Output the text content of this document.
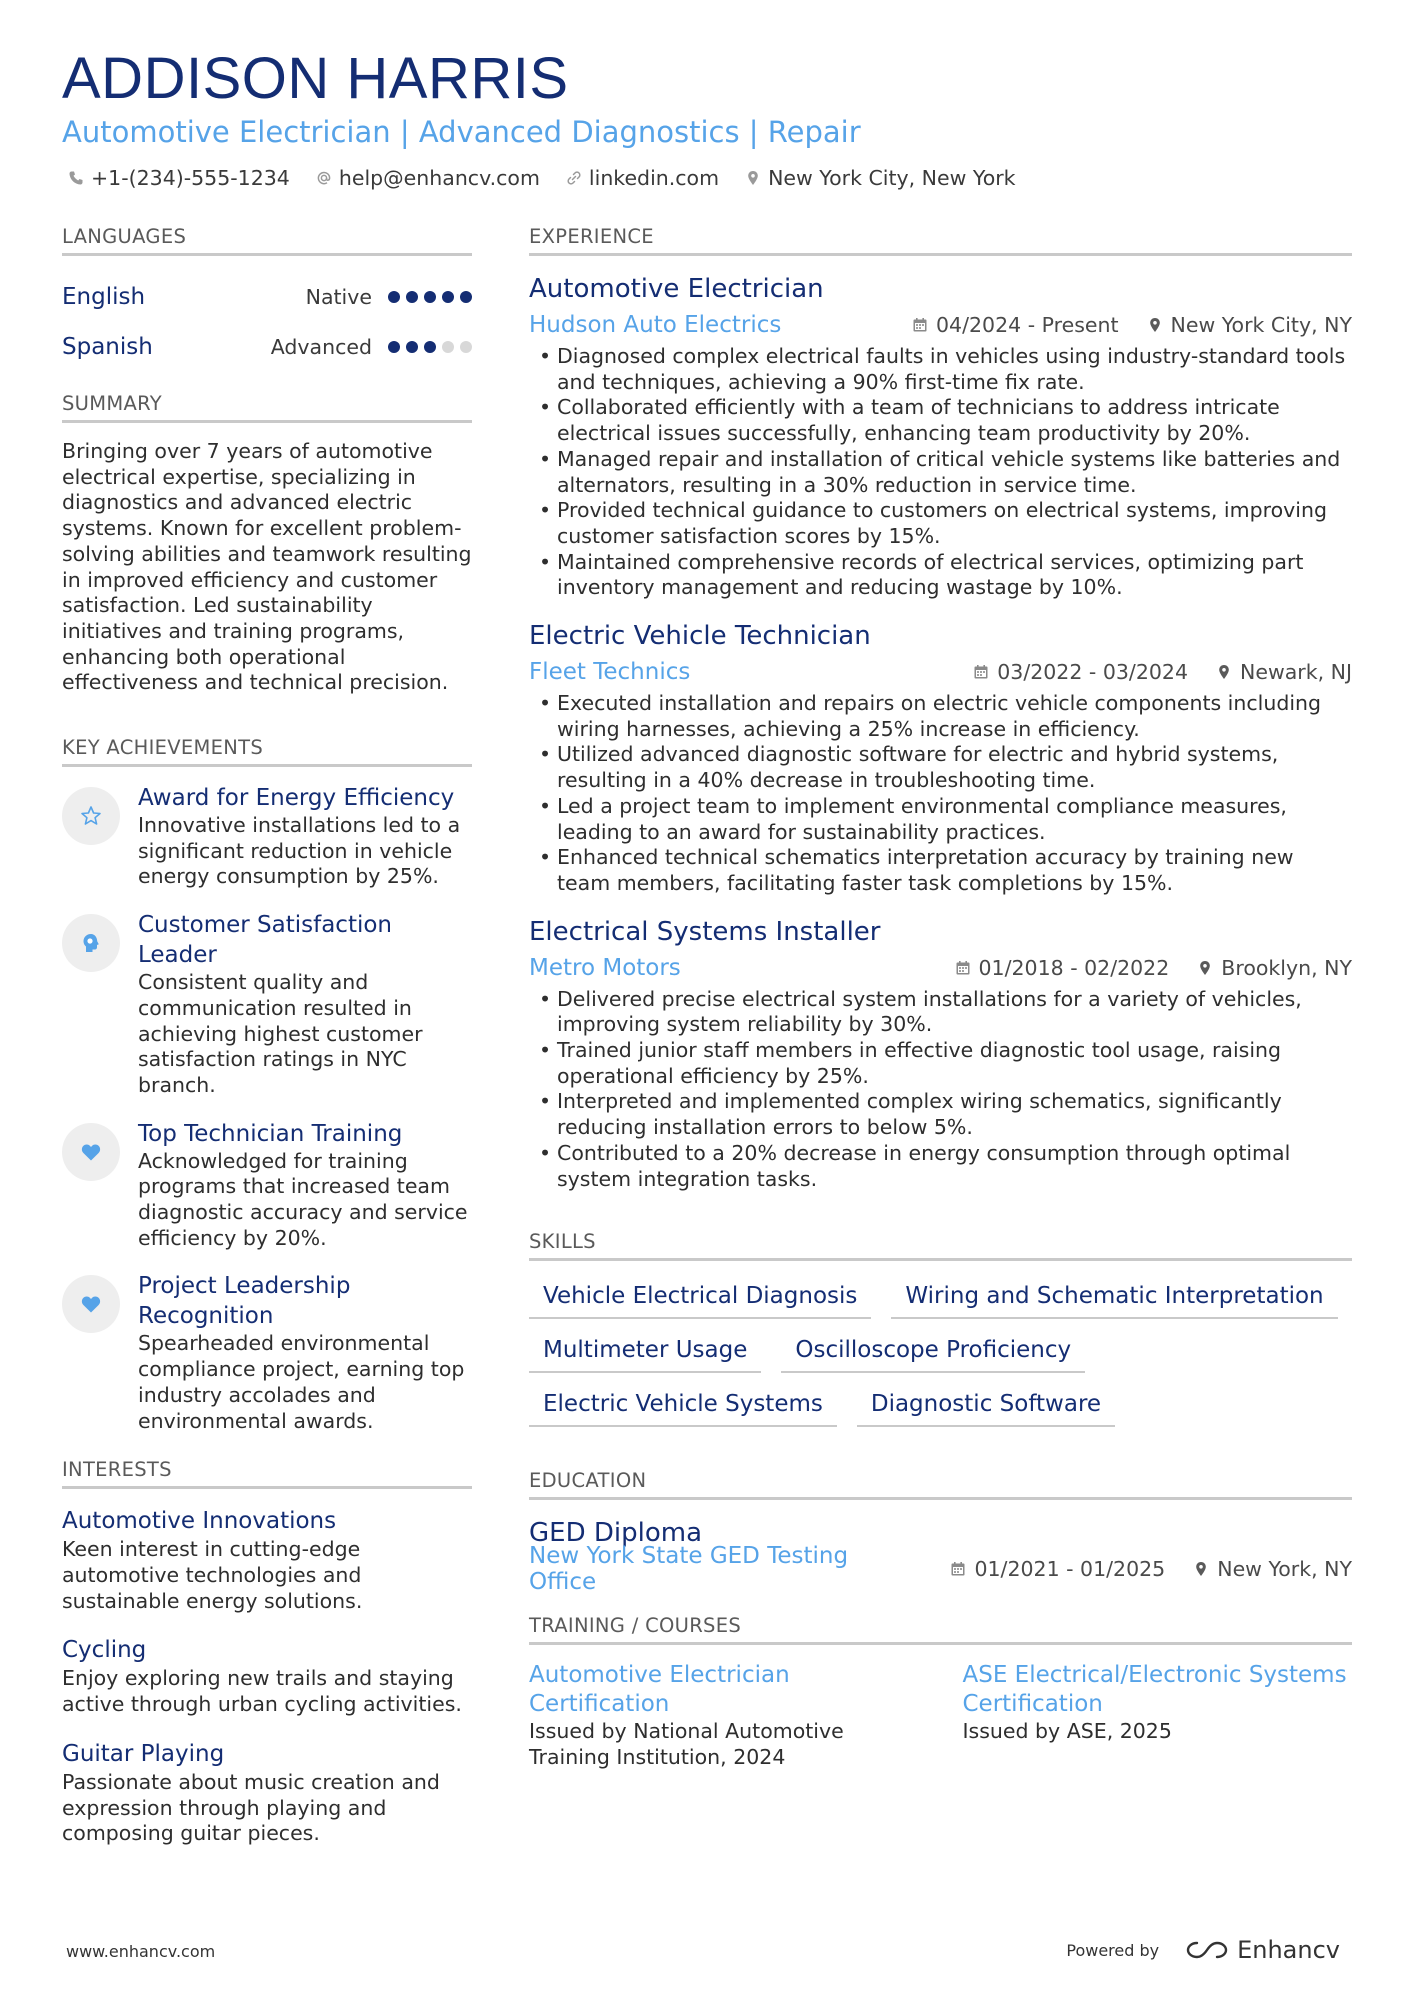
ADDISON HARRIS
Automotive Electrician | Advanced Diagnostics | Repair
+1-(234)-555-1234 help@enhancv.com linkedin.com New York City, New York
LANGUAGES
English	Native
Spanish	Advanced
SUMMARY
Bringing over 7 years of automotive electrical expertise, specializing in diagnostics and advanced electric systems. Known for excellent problem-solving abilities and teamwork resulting in improved efficiency and customer satisfaction. Led sustainability initiatives and training programs, enhancing both operational effectiveness and technical precision.
KEY ACHIEVEMENTS
Award for Energy Efficiency
Innovative installations led to a significant reduction in vehicle energy consumption by 25%.
Customer Satisfaction Leader
Consistent quality and communication resulted in achieving highest customer satisfaction ratings in NYC branch.
Top Technician Training
Acknowledged for training programs that increased team diagnostic accuracy and service efficiency by 20%.
Project Leadership Recognition
Spearheaded environmental compliance project, earning top industry accolades and environmental awards.
INTERESTS
Automotive Innovations
Keen interest in cutting-edge automotive technologies and sustainable energy solutions.
Cycling
Enjoy exploring new trails and staying active through urban cycling activities.
Guitar Playing
Passionate about music creation and expression through playing and composing guitar pieces.
EXPERIENCE
Automotive Electrician
Hudson Auto Electrics	04/2024 - Present	New York City, NY
• Diagnosed complex electrical faults in vehicles using industry-standard tools and techniques, achieving a 90% first-time fix rate.
• Collaborated efficiently with a team of technicians to address intricate electrical issues successfully, enhancing team productivity by 20%.
• Managed repair and installation of critical vehicle systems like batteries and alternators, resulting in a 30% reduction in service time.
• Provided technical guidance to customers on electrical systems, improving customer satisfaction scores by 15%.
• Maintained comprehensive records of electrical services, optimizing part inventory management and reducing wastage by 10%.
Electric Vehicle Technician
Fleet Technics	03/2022 - 03/2024	Newark, NJ
• Executed installation and repairs on electric vehicle components including wiring harnesses, achieving a 25% increase in efficiency.
• Utilized advanced diagnostic software for electric and hybrid systems, resulting in a 40% decrease in troubleshooting time.
• Led a project team to implement environmental compliance measures, leading to an award for sustainability practices.
• Enhanced technical schematics interpretation accuracy by training new team members, facilitating faster task completions by 15%.
Electrical Systems Installer
Metro Motors	01/2018 - 02/2022	Brooklyn, NY
• Delivered precise electrical system installations for a variety of vehicles, improving system reliability by 30%.
• Trained junior staff members in effective diagnostic tool usage, raising operational efficiency by 25%.
• Interpreted and implemented complex wiring schematics, significantly reducing installation errors to below 5%.
• Contributed to a 20% decrease in energy consumption through optimal system integration tasks.
SKILLS
Vehicle Electrical Diagnosis	Wiring and Schematic Interpretation
Multimeter Usage	Oscilloscope Proficiency
Electric Vehicle Systems	Diagnostic Software
EDUCATION
GED Diploma
New York State GED Testing Office	01/2021 - 01/2025	New York, NY
TRAINING / COURSES
Automotive Electrician Certification
Issued by National Automotive Training Institution, 2024
ASE Electrical/Electronic Systems Certification
Issued by ASE, 2025
www.enhancv.com	Powered by	Enhancv
